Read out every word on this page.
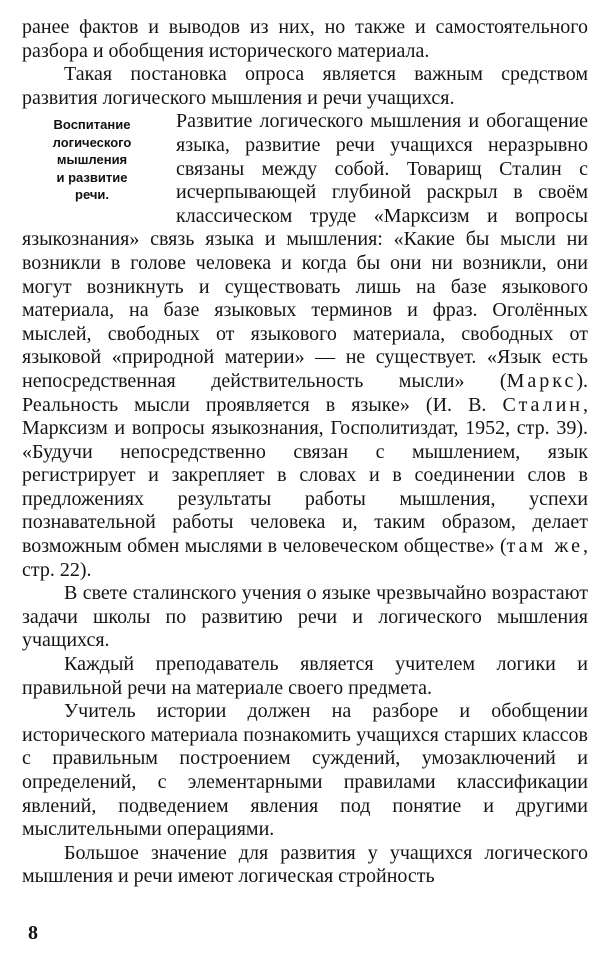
ранее фактов и выводов из них, но также и самостоятельного разбора и обобщения исторического материала.

Такая постановка опроса является важным средством развития логического мышления и речи учащихся.

Воспитание
логического
мышления
и развитие
речи.
Развитие логического мышления и обогащение языка, развитие речи учащихся неразрывно связаны между собой. Товарищ Сталин с исчерпывающей глубиной раскрыл в своём классическом труде «Марксизм и вопросы языкознания» связь языка и мышления: «Какие бы мысли ни возникли в голове человека и когда бы они ни возникли, они могут возникнуть и существовать лишь на базе языкового материала, на базе языковых терминов и фраз. Оголённых мыслей, свободных от языкового материала, свободных от языковой «природной материи» — не существует. «Язык есть непосредственная действительность мысли» (Маркс). Реальность мысли проявляется в языке» (И. В. Сталин, Марксизм и вопросы языкознания, Госполитиздат, 1952, стр. 39). «Будучи непосредственно связан с мышлением, язык регистрирует и закрепляет в словах и в соединении слов в предложениях результаты работы мышления, успехи познавательной работы человека и, таким образом, делает возможным обмен мыслями в человеческом обществе» (там же, стр. 22).

В свете сталинского учения о языке чрезвычайно возрастают задачи школы по развитию речи и логического мышления учащихся.

Каждый преподаватель является учителем логики и правильной речи на материале своего предмета.

Учитель истории должен на разборе и обобщении исторического материала познакомить учащихся старших классов с правильным построением суждений, умозаключений и определений, с элементарными правилами классификации явлений, подведением явления под понятие и другими мыслительными операциями.

Большое значение для развития у учащихся логического мышления и речи имеют логическая стройность

8
